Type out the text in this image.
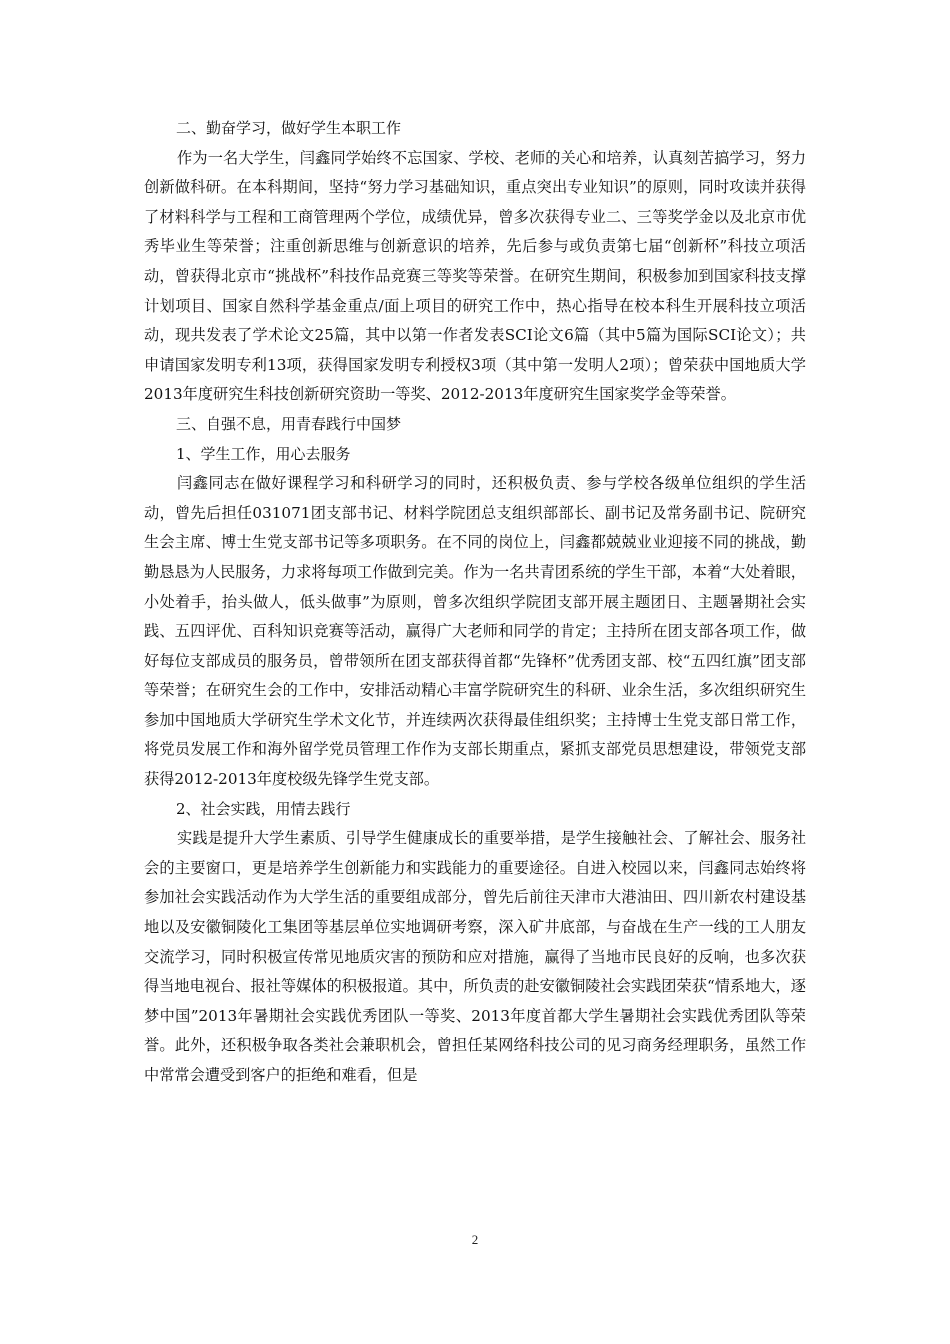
二、勤奋学习，做好学生本职工作

作为一名大学生，闫鑫同学始终不忘国家、学校、老师的关心和培养，认真刻苦搞学习，努力创新做科研。在本科期间，坚持“努力学习基础知识，重点突出专业知识”的原则，同时攻读并获得了材料科学与工程和工商管理两个学位，成绩优异，曾多次获得专业二、三等奖学金以及北京市优秀毕业生等荣誉；注重创新思维与创新意识的培养，先后参与或负责第七届“创新杯”科技立项活动，曾获得北京市“挑战杯”科技作品竞赛三等奖等荣誉。在研究生期间，积极参加到国家科技支撑计划项目、国家自然科学基金重点/面上项目的研究工作中，热心指导在校本科生开展科技立项活动，现共发表了学术论文25篇，其中以第一作者发表SCI论文6篇（其中5篇为国际SCI论文）；共申请国家发明专利13项，获得国家发明专利授权3项（其中第一发明人2项）；曾荣获中国地质大学2013年度研究生科技创新研究资助一等奖、2012-2013年度研究生国家奖学金等荣誉。

三、自强不息，用青春践行中国梦

1、学生工作，用心去服务

闫鑫同志在做好课程学习和科研学习的同时，还积极负责、参与学校各级单位组织的学生活动，曾先后担任031071团支部书记、材料学院团总支组织部部长、副书记及常务副书记、院研究生会主席、博士生党支部书记等多项职务。在不同的岗位上，闫鑫都兢兢业业迎接不同的挑战，勤勤恳恳为人民服务，力求将每项工作做到完美。作为一名共青团系统的学生干部，本着“大处着眼，小处着手，抬头做人，低头做事”为原则，曾多次组织学院团支部开展主题团日、主题暑期社会实践、五四评优、百科知识竞赛等活动，赢得广大老师和同学的肯定；主持所在团支部各项工作，做好每位支部成员的服务员，曾带领所在团支部获得首都“先锋杯”优秀团支部、校“五四红旗”团支部等荣誉；在研究生会的工作中，安排活动精心丰富学院研究生的科研、业余生活，多次组织研究生参加中国地质大学研究生学术文化节，并连续两次获得最佳组织奖；主持博士生党支部日常工作，将党员发展工作和海外留学党员管理工作作为支部长期重点，紧抓支部党员思想建设，带领党支部获得2012-2013年度校级先锋学生党支部。

2、社会实践，用情去践行

实践是提升大学生素质、引导学生健康成长的重要举措，是学生接触社会、了解社会、服务社会的主要窗口，更是培养学生创新能力和实践能力的重要途径。自进入校园以来，闫鑫同志始终将参加社会实践活动作为大学生活的重要组成部分，曾先后前往天津市大港油田、四川新农村建设基地以及安徽铜陵化工集团等基层单位实地调研考察，深入矿井底部，与奋战在生产一线的工人朋友交流学习，同时积极宣传常见地质灾害的预防和应对措施，赢得了当地市民良好的反响，也多次获得当地电视台、报社等媒体的积极报道。其中，所负责的赴安徽铜陵社会实践团荣获“情系地大，逐梦中国”2013年暑期社会实践优秀团队一等奖、2013年度首都大学生暑期社会实践优秀团队等荣誉。此外，还积极争取各类社会兼职机会，曾担任某网络科技公司的见习商务经理职务，虽然工作中常常会遭受到客户的拒绝和难看，但是

2
